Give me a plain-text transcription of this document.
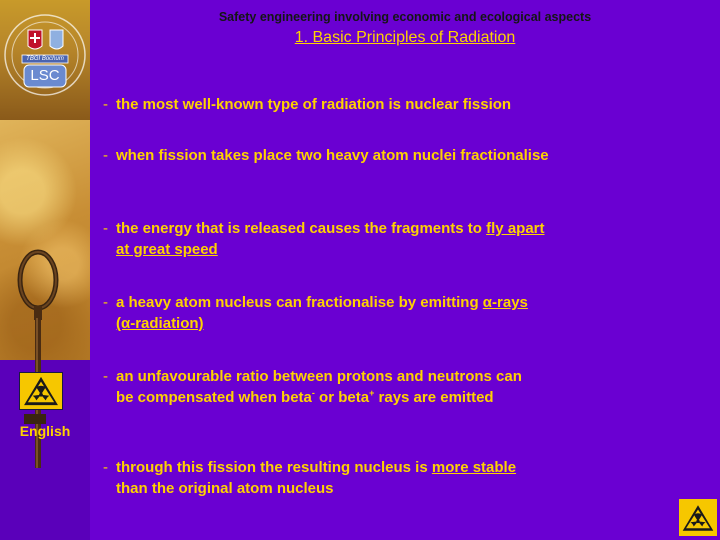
TBGI Bochum
LSC
English
Safety engineering involving economic and ecological aspects
1. Basic Principles of Radiation
- the most well-known type of radiation is nuclear fission
- when fission takes place two heavy atom nuclei fractionalise
- the energy that is released causes the fragments to fly apart
at great speed
- a heavy atom nucleus can fractionalise by emitting α-rays
(α-radiation)
- an unfavourable ratio between protons and neutrons can
be compensated when beta- or beta+ rays are emitted
- through this fission the resulting nucleus is more stable
than the original atom nucleus
